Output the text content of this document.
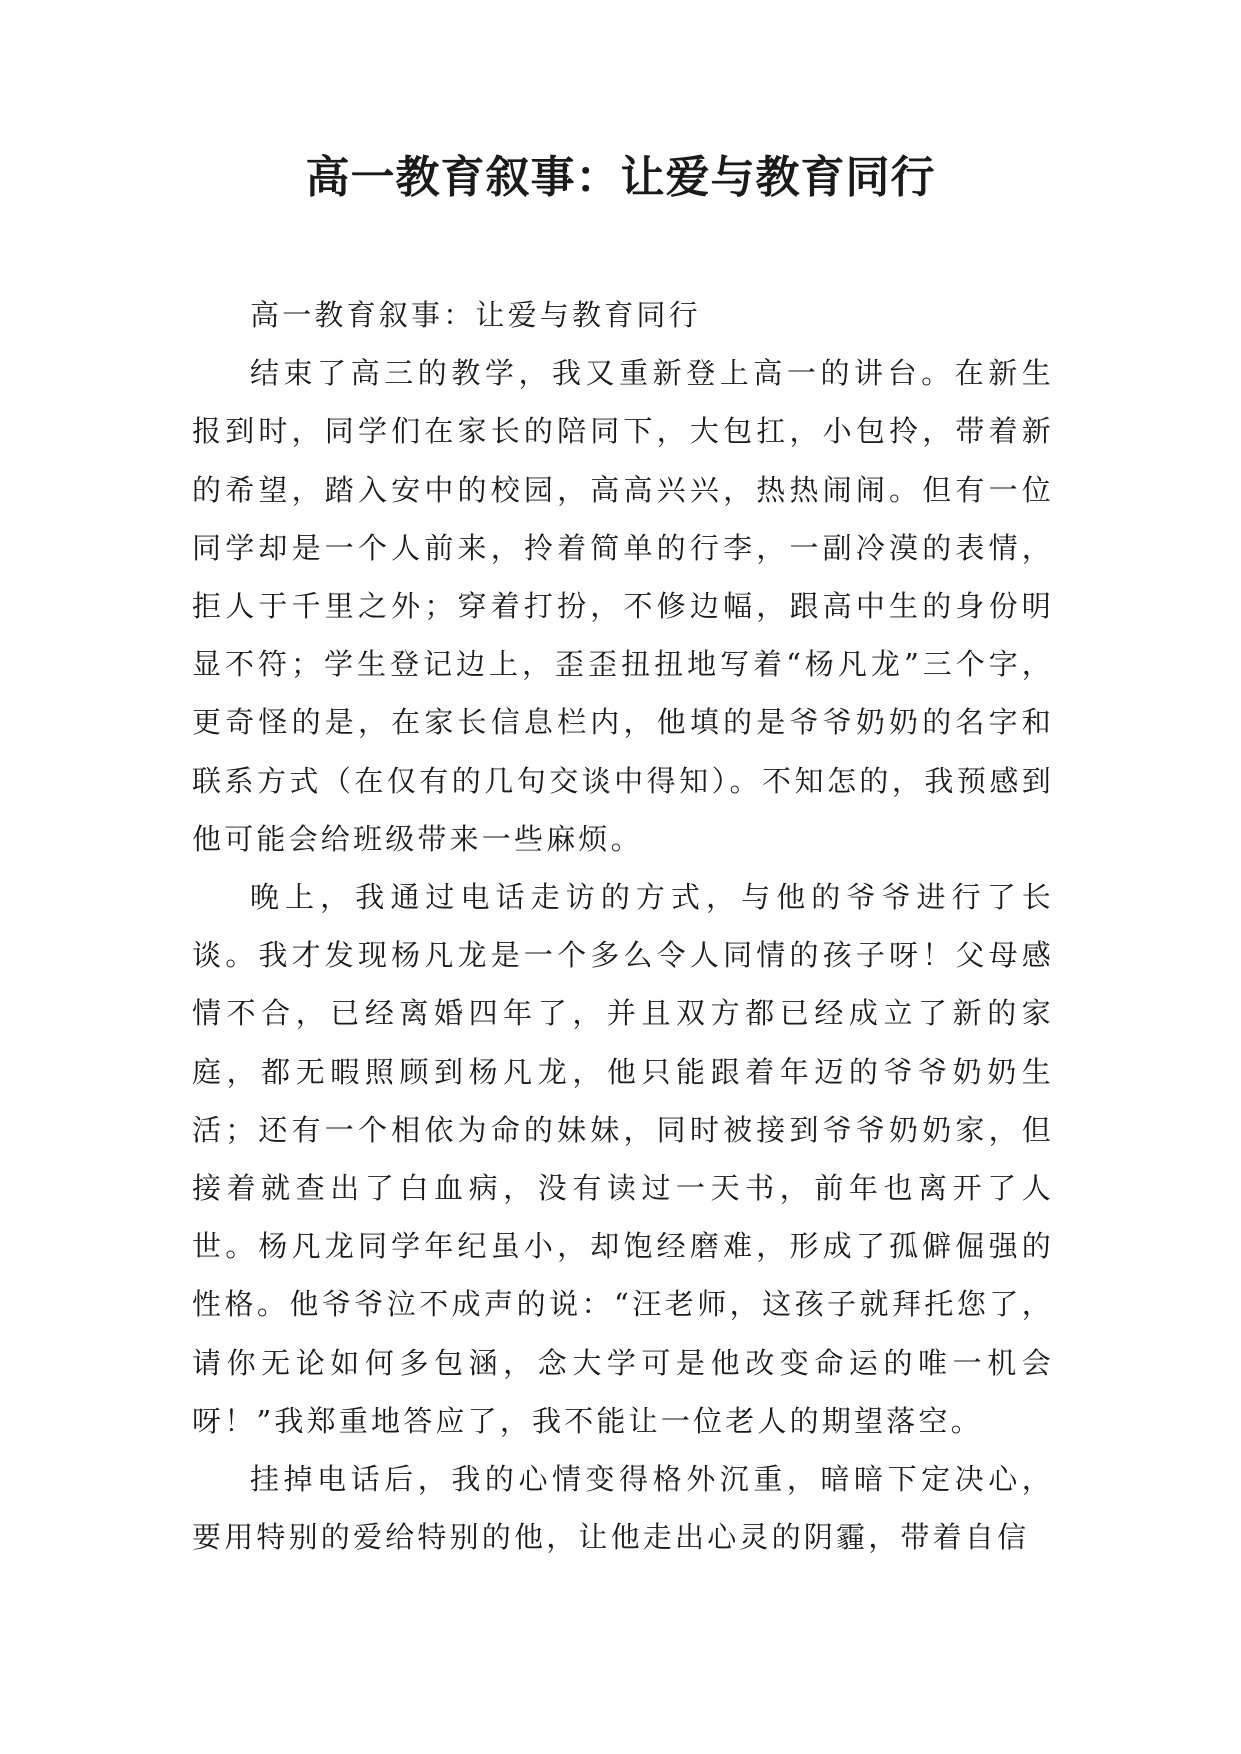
高一教育叙事：让爱与教育同行

高一教育叙事：让爱与教育同行

结束了高三的教学，我又重新登上高一的讲台。在新生报到时，同学们在家长的陪同下，大包扛，小包拎，带着新的希望，踏入安中的校园，高高兴兴，热热闹闹。但有一位同学却是一个人前来，拎着简单的行李，一副冷漠的表情，拒人于千里之外；穿着打扮，不修边幅，跟高中生的身份明显不符；学生登记边上，歪歪扭扭地写着“杨凡龙”三个字，更奇怪的是，在家长信息栏内，他填的是爷爷奶奶的名字和联系方式（在仅有的几句交谈中得知）。不知怎的，我预感到他可能会给班级带来一些麻烦。

晚上，我通过电话走访的方式，与他的爷爷进行了长谈。我才发现杨凡龙是一个多么令人同情的孩子呀！父母感情不合，已经离婚四年了，并且双方都已经成立了新的家庭，都无暇照顾到杨凡龙，他只能跟着年迈的爷爷奶奶生活；还有一个相依为命的妹妹，同时被接到爷爷奶奶家，但接着就查出了白血病，没有读过一天书，前年也离开了人世。杨凡龙同学年纪虽小，却饱经磨难，形成了孤僻倔强的性格。他爷爷泣不成声的说：“汪老师，这孩子就拜托您了，请你无论如何多包涵，念大学可是他改变命运的唯一机会呀！”我郑重地答应了，我不能让一位老人的期望落空。

挂掉电话后，我的心情变得格外沉重，暗暗下定决心，要用特别的爱给特别的他，让他走出心灵的阴霾，带着自信
